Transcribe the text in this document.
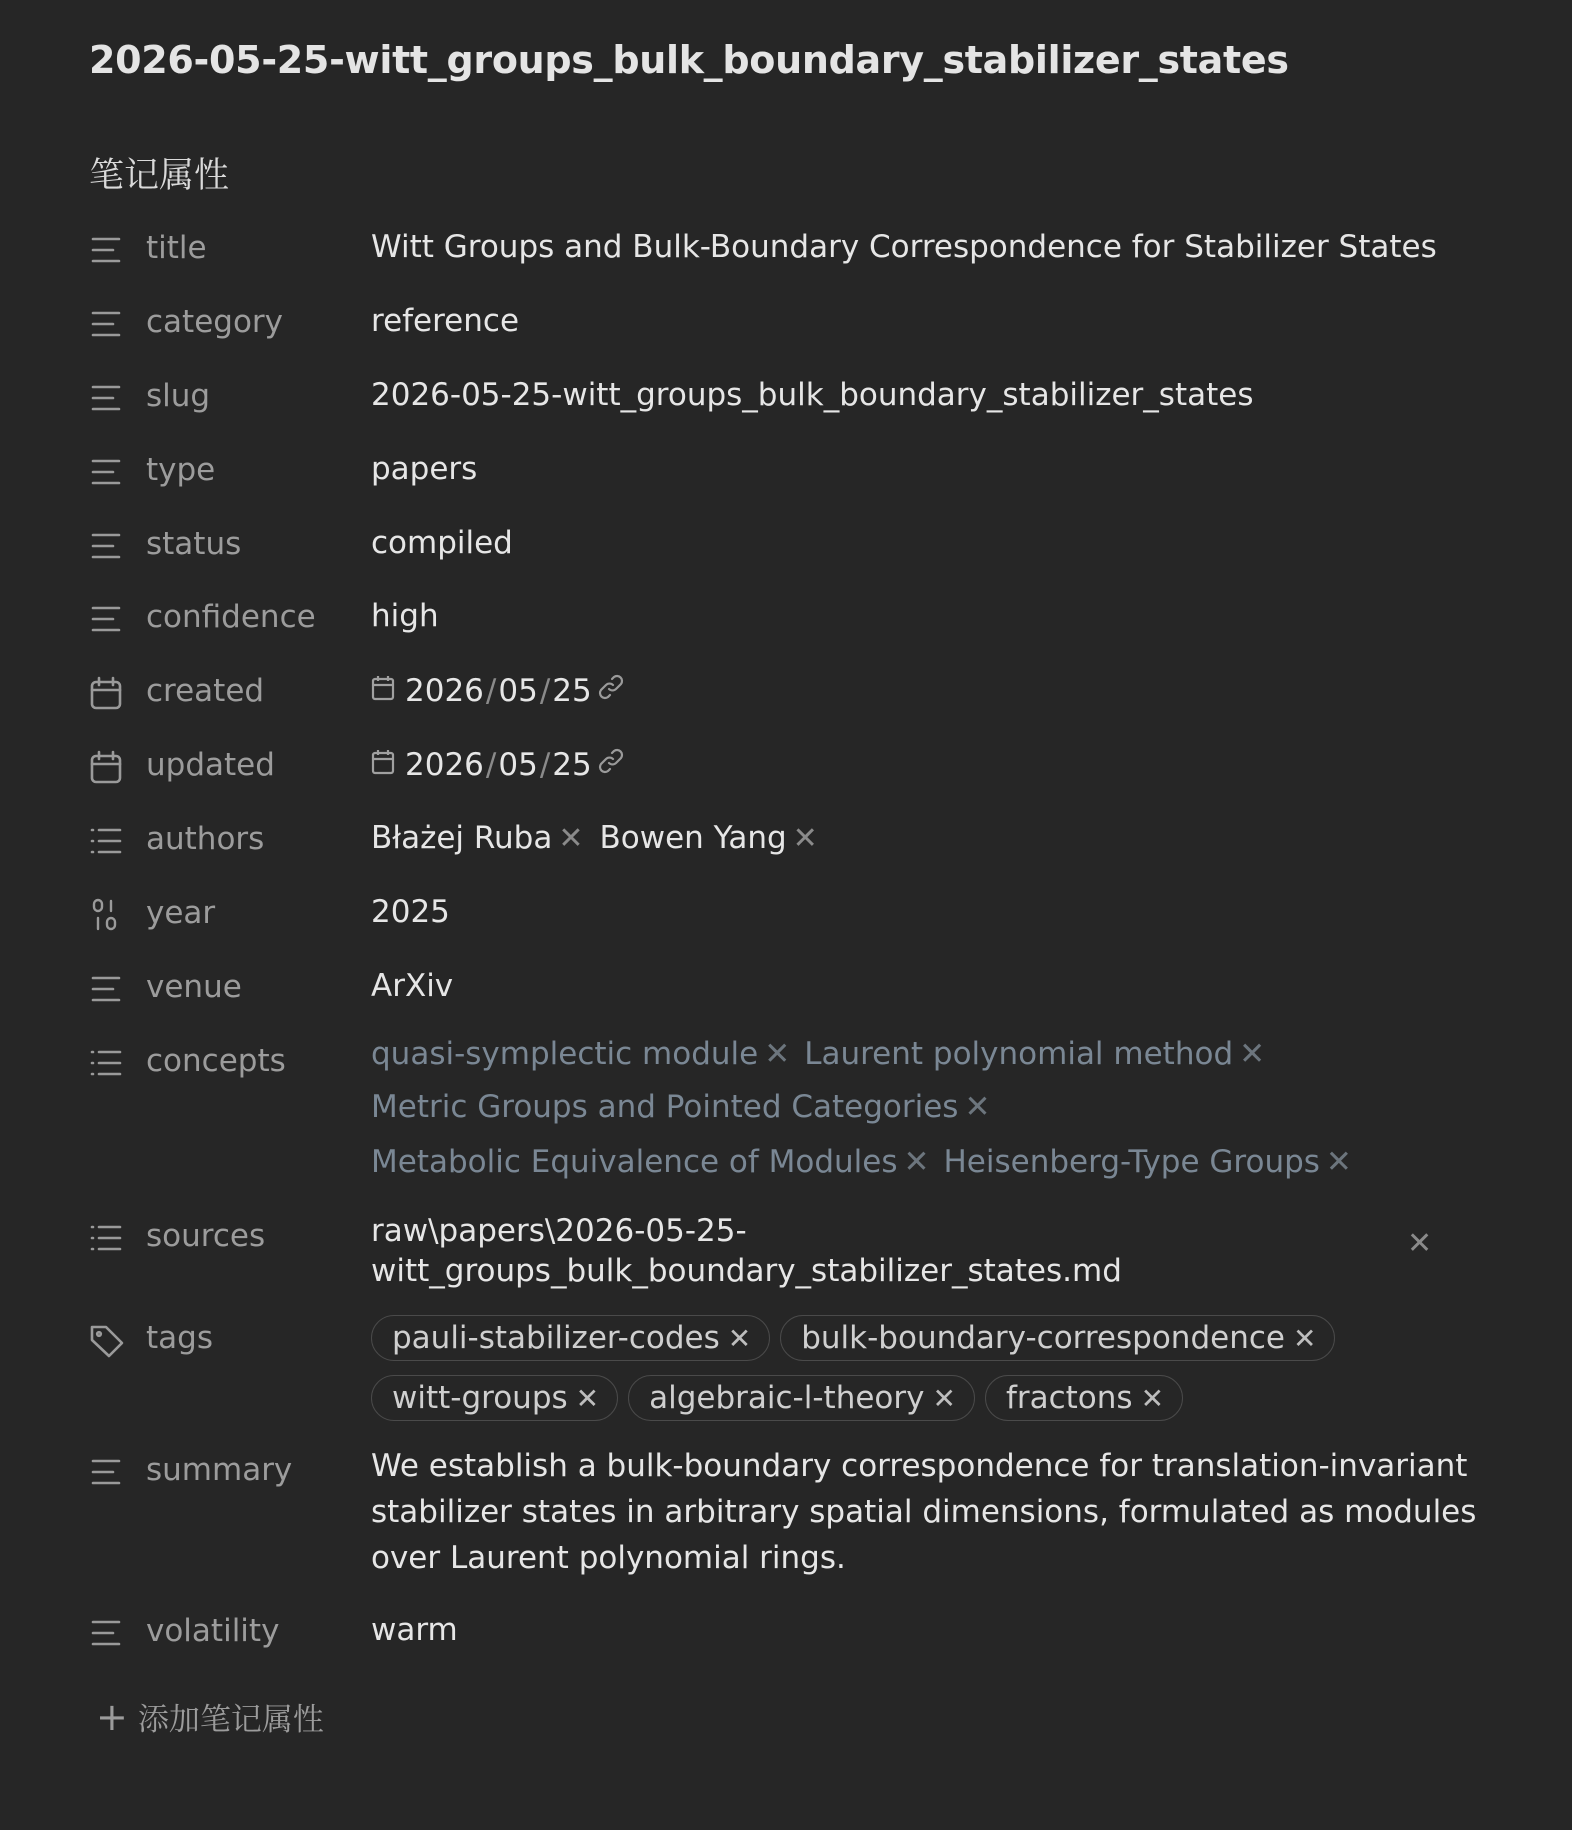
2026-05-25-witt_groups_bulk_boundary_stabilizer_states
笔记属性
title	Witt Groups and Bulk-Boundary Correspondence for Stabilizer States
category	reference
slug	2026-05-25-witt_groups_bulk_boundary_stabilizer_states
type	papers
status	compiled
confidence high
created	2026 / 05 / 25
updated	2026 / 05 / 25
authors	Błażej Ruba ✕ Bowen Yang ✕
year	2025
venue	ArXiv
concepts	quasi-symplectic module ✕ Laurent polynomial method ✕
Metric Groups and Pointed Categories ✕
Metabolic Equivalence of Modules ✕ Heisenberg-Type Groups ✕
sources	raw\papers\2026-05-25-
witt_groups_bulk_boundary_stabilizer_states.md
✕
tags	pauli-stabilizer-codes ✕ bulk-boundary-correspondence ✕
witt-groups ✕ algebraic-l-theory ✕ fractons ✕
summary	We establish a bulk-boundary correspondence for translation-invariant stabilizer states in arbitrary spatial dimensions, formulated as modules over Laurent polynomial rings.
volatility	warm
+ 添加笔记属性
